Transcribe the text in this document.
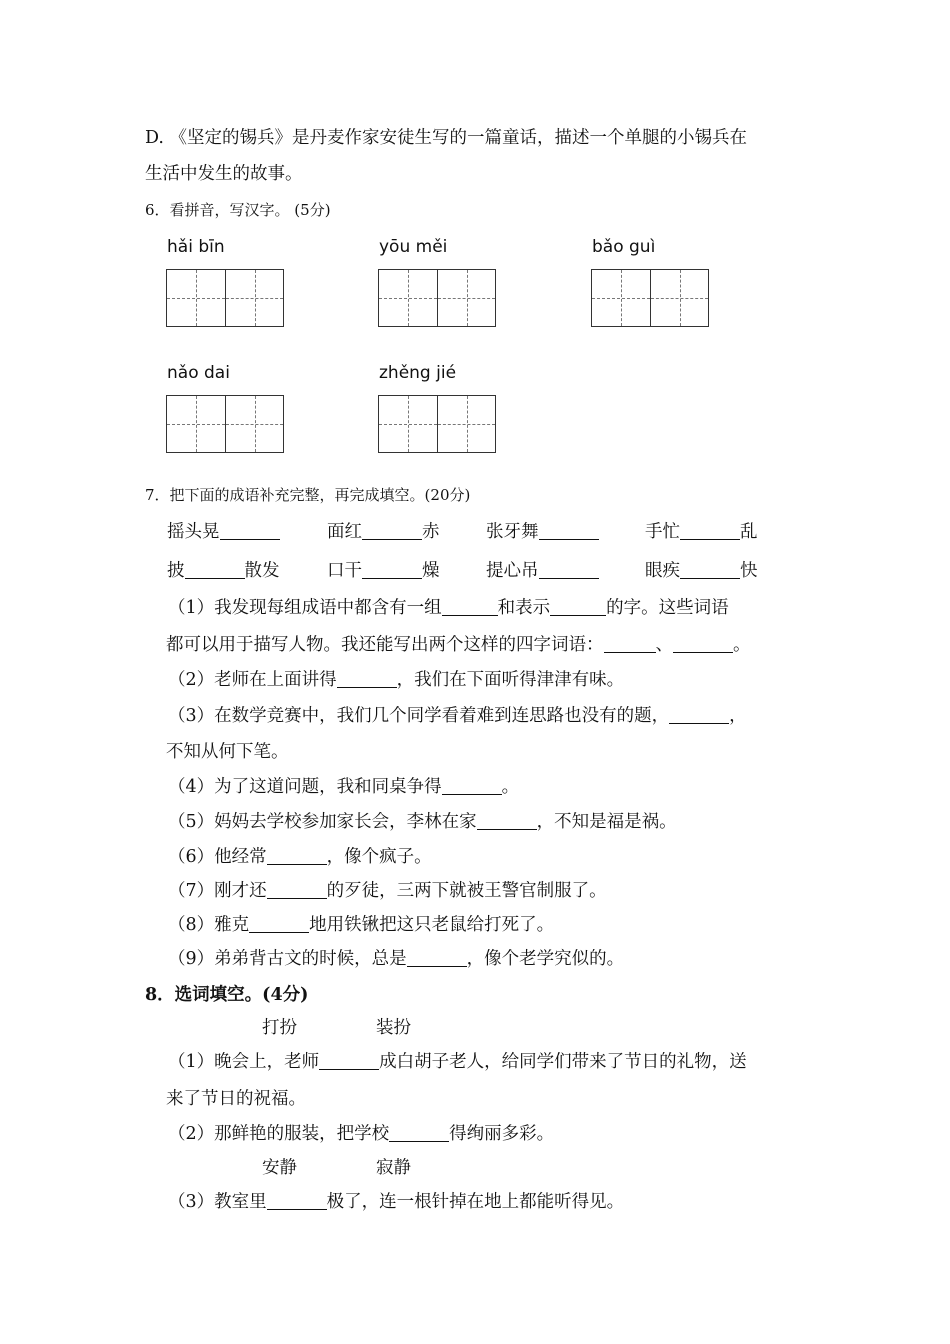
D. 《坚定的锡兵》是丹麦作家安徒生写的一篇童话，描述一个单腿的小锡兵在
生活中发生的故事。
6．看拼音，写汉字。 (5分)
hǎi bīn	yōu měi	bǎo guì
nǎo dai	zhěng jié
7．把下面的成语补充完整，再完成填空。(20分)
摇头晃	面红	赤	张牙舞	手忙	乱
披	散发	口干	燥	提心吊	眼疾	快
（1）我发现每组成语中都含有一组	和表示	的字。这些词语
都可以用于描写人物。我还能写出两个这样的四字词语：	、	。
（2）老师在上面讲得	，我们在下面听得津津有味。
（3）在数学竞赛中，我们几个同学看着难到连思路也没有的题，	，
不知从何下笔。
（4）为了这道问题，我和同桌争得	。
（5）妈妈去学校参加家长会，李林在家	，不知是福是祸。
（6）他经常	，像个疯子。
（7）刚才还	的歹徒，三两下就被王警官制服了。
（8）雅克	地用铁锹把这只老鼠给打死了。
（9）弟弟背古文的时候，总是	，像个老学究似的。
8．选词填空。(4分)
打扮	装扮
（1）晚会上，老师	成白胡子老人，给同学们带来了节日的礼物，送
来了节日的祝福。
（2）那鲜艳的服装，把学校	得绚丽多彩。
安静	寂静
（3）教室里	极了，连一根针掉在地上都能听得见。
